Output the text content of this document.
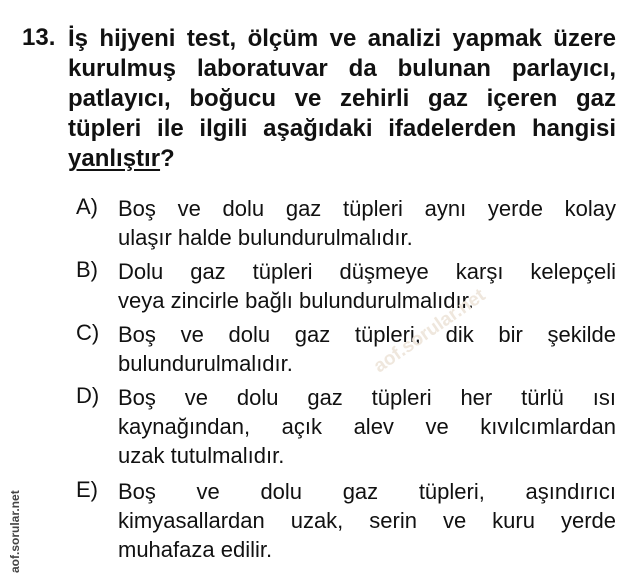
13. İş hijyeni test, ölçüm ve analizi yapmak üzere
kurulmuş laboratuvar da bulunan parlayıcı,
patlayıcı, boğucu ve zehirli gaz içeren gaz
tüpleri ile ilgili aşağıdaki ifadelerden hangisi
yanlıştır?
A) Boş ve dolu gaz tüpleri aynı yerde kolay
ulaşır halde bulundurulmalıdır.
B) Dolu gaz tüpleri düşmeye karşı kelepçeli
veya zincirle bağlı bulundurulmalıdır.
C) Boş ve dolu gaz tüpleri, dik bir şekilde
bulundurulmalıdır.
D) Boş ve dolu gaz tüpleri her türlü ısı
kaynağından, açık alev ve kıvılcımlardan
uzak tutulmalıdır.
E) Boş ve dolu gaz tüpleri, aşındırıcı
kimyasallardan uzak, serin ve kuru yerde
muhafaza edilir.
aof.sorular.net
aof.sorular.net
